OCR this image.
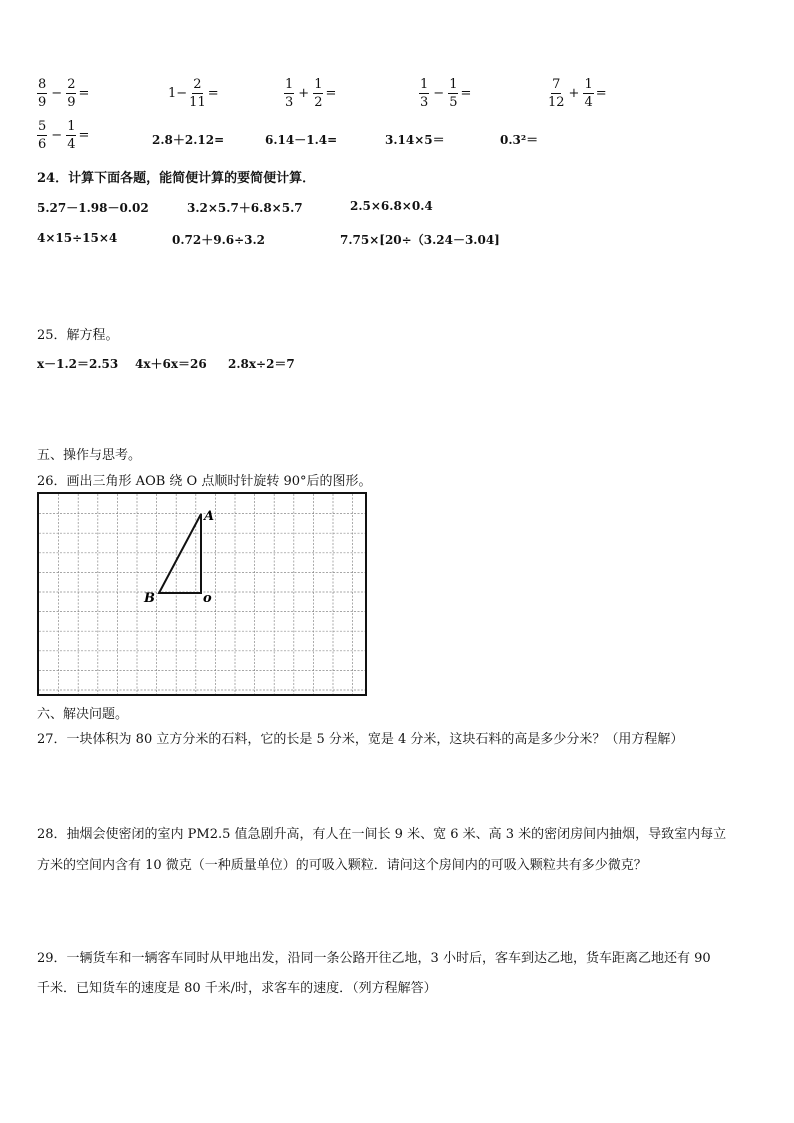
$\frac{8}{9} - \frac{2}{9}$ =	$1- \frac{2}{11}$ =	$\frac{1}{3} + \frac{1}{2}$ =	$\frac{1}{3} - \frac{1}{5}$ =	$\frac{7}{12} + \frac{1}{4}$ =
$\frac{5}{6} - \frac{1}{4}$ =	2.8＋2.12=	6.14－1.4=	3.14×5＝	0.3²＝
24．计算下面各题，能简便计算的要简便计算．
5.27－1.98－0.02	3.2×5.7＋6.8×5.7	2.5×6.8×0.4
4×15÷15×4	0.72＋9.6÷3.2	7.75×[20÷（3.24－3.04]
25．解方程。
x－1.2＝2.53 4x＋6x＝26 2.8x÷2＝7
五、操作与思考。
26．画出三角形 AOB 绕 O 点顺时针旋转 90°后的图形。
A
B	o
六、解决问题。
27．一块体积为 80 立方分米的石料，它的长是 5 分米，宽是 4 分米，这块石料的高是多少分米？（用方程解）
28．抽烟会使密闭的室内 PM2.5 值急剧升高，有人在一间长 9 米、宽 6 米、高 3 米的密闭房间内抽烟，导致室内每立
方米的空间内含有 10 微克（一种质量单位）的可吸入颗粒．请问这个房间内的可吸入颗粒共有多少微克？
29．一辆货车和一辆客车同时从甲地出发，沿同一条公路开往乙地，3 小时后，客车到达乙地，货车距离乙地还有 90
千米．已知货车的速度是 80 千米/时，求客车的速度．（列方程解答）
